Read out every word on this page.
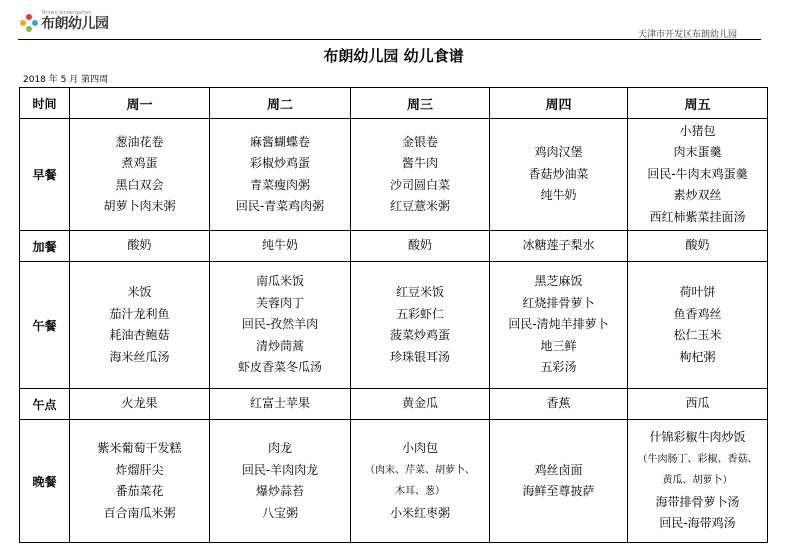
布朗幼儿园
Brown kindergarten
天津市开发区布朗幼儿园
布朗幼儿园 幼儿食谱
2018 年 5 月 第四周
时间	周一	周二	周三	周四	周五
早餐	葱油花卷
煮鸡蛋
黑白双会
胡萝卜肉末粥	麻酱蝴蝶卷
彩椒炒鸡蛋
青菜瘦肉粥
回民-青菜鸡肉粥	金银卷
酱牛肉
沙司圆白菜
红豆薏米粥	鸡肉汉堡
香菇炒油菜
纯牛奶	小猪包
肉末蛋羹
回民-牛肉末鸡蛋羹
素炒双丝
西红柿紫菜挂面汤

加餐	酸奶	纯牛奶	酸奶	冰糖莲子梨水	酸奶

午餐	米饭
茄汁龙利鱼
耗油杏鲍菇
海米丝瓜汤	南瓜米饭
芙蓉肉丁
回民-孜然羊肉
清炒茼蒿
虾皮香菜冬瓜汤	红豆米饭
五彩虾仁
菠菜炒鸡蛋
珍珠银耳汤	黑芝麻饭
红烧排骨萝卜
回民-清炖羊排萝卜
地三鲜
五彩汤	荷叶饼
鱼香鸡丝
松仁玉米
枸杞粥

午点	火龙果	红富士苹果	黄金瓜	香蕉	西瓜

晚餐	紫米葡萄干发糕
炸熘肝尖
番茄菜花
百合南瓜米粥	肉龙
回民-羊肉肉龙
爆炒蒜苔
八宝粥	小肉包
（肉末、芹菜、胡萝卜、
木耳、葱）
小米红枣粥	鸡丝卤面
海鲜至尊披萨	什锦彩椒牛肉炒饭
（牛肉肠丁、彩椒、香菇、
黄瓜、胡萝卜）
海带排骨萝卜汤
回民-海带鸡汤
